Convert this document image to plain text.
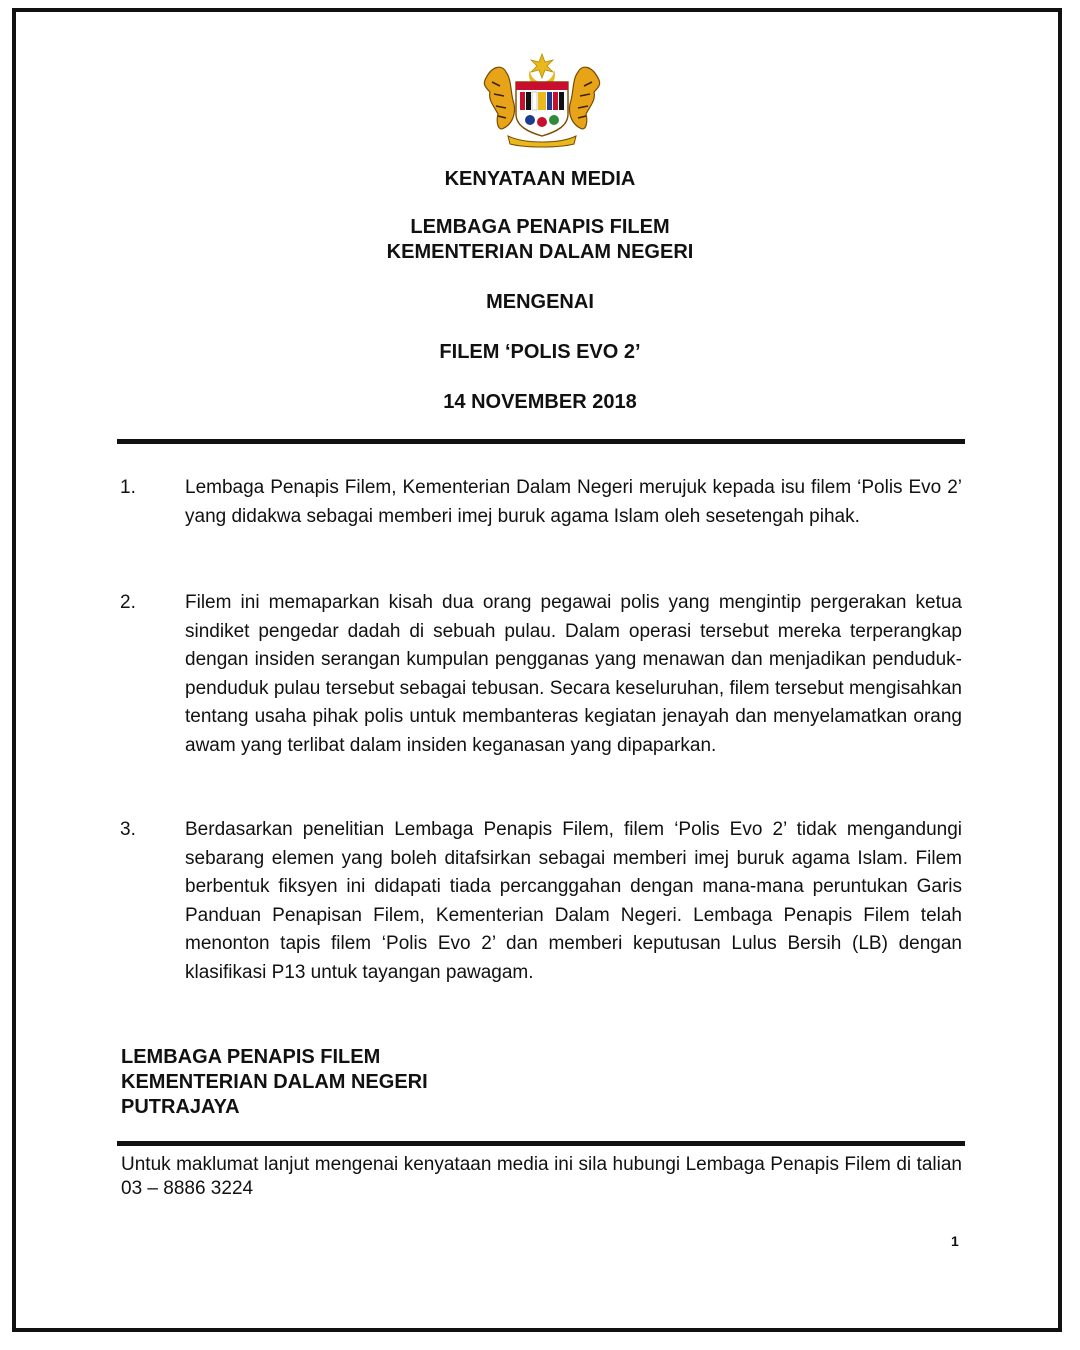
KENYATAAN MEDIA
LEMBAGA PENAPIS FILEM
KEMENTERIAN DALAM NEGERI
MENGENAI
FILEM ‘POLIS EVO 2’
14 NOVEMBER 2018
1.	Lembaga Penapis Filem, Kementerian Dalam Negeri merujuk kepada isu filem ‘Polis Evo 2’ yang didakwa sebagai memberi imej buruk agama Islam oleh sesetengah pihak.
2.	Filem ini memaparkan kisah dua orang pegawai polis yang mengintip pergerakan ketua sindiket pengedar dadah di sebuah pulau. Dalam operasi tersebut mereka terperangkap dengan insiden serangan kumpulan pengganas yang menawan dan menjadikan penduduk-penduduk pulau tersebut sebagai tebusan. Secara keseluruhan, filem tersebut mengisahkan tentang usaha pihak polis untuk membanteras kegiatan jenayah dan menyelamatkan orang awam yang terlibat dalam insiden keganasan yang dipaparkan.
3.	Berdasarkan penelitian Lembaga Penapis Filem, filem ‘Polis Evo 2’ tidak mengandungi sebarang elemen yang boleh ditafsirkan sebagai memberi imej buruk agama Islam. Filem berbentuk fiksyen ini didapati tiada percanggahan dengan mana-mana peruntukan Garis Panduan Penapisan Filem, Kementerian Dalam Negeri. Lembaga Penapis Filem telah menonton tapis filem ‘Polis Evo 2’ dan memberi keputusan Lulus Bersih (LB) dengan klasifikasi P13 untuk tayangan pawagam.
LEMBAGA PENAPIS FILEM
KEMENTERIAN DALAM NEGERI
PUTRAJAYA
Untuk maklumat lanjut mengenai kenyataan media ini sila hubungi Lembaga Penapis Filem di talian 03 – 8886 3224
1
